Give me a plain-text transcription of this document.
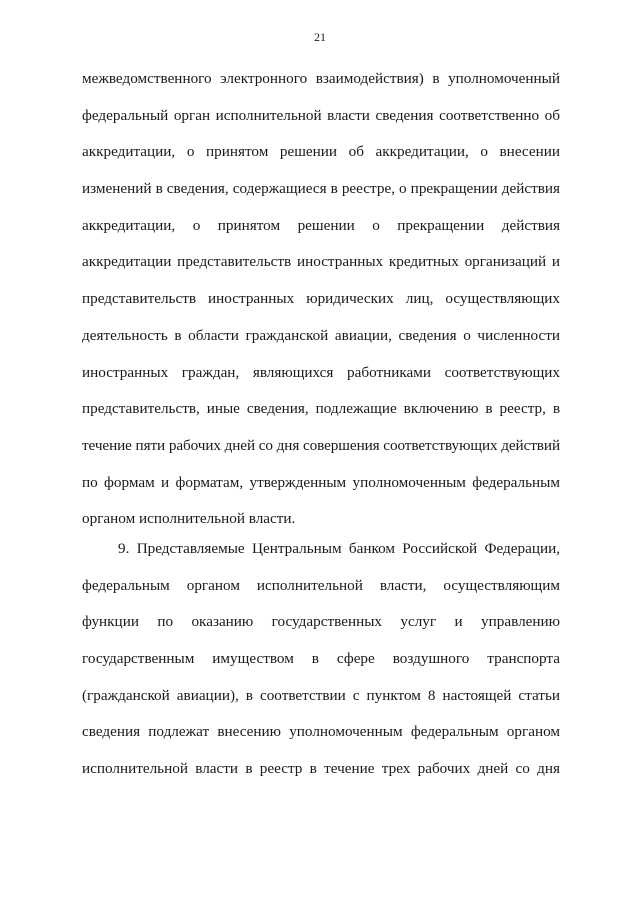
21
межведомственного электронного взаимодействия) в уполномоченный
федеральный орган исполнительной власти сведения соответственно об
аккредитации, о принятом решении об аккредитации, о внесении
изменений в сведения, содержащиеся в реестре, о прекращении действия
аккредитации, о принятом решении о прекращении действия
аккредитации представительств иностранных кредитных организаций и
представительств иностранных юридических лиц, осуществляющих
деятельность в области гражданской авиации, сведения о численности
иностранных граждан, являющихся работниками соответствующих
представительств, иные сведения, подлежащие включению в реестр, в
течение пяти рабочих дней со дня совершения соответствующих действий
по формам и форматам, утвержденным уполномоченным федеральным
органом исполнительной власти.
9. Представляемые Центральным банком Российской Федерации,
федеральным органом исполнительной власти, осуществляющим
функции по оказанию государственных услуг и управлению
государственным имуществом в сфере воздушного транспорта
(гражданской авиации), в соответствии с пунктом 8 настоящей статьи
сведения подлежат внесению уполномоченным федеральным органом
исполнительной власти в реестр в течение трех рабочих дней со дня
